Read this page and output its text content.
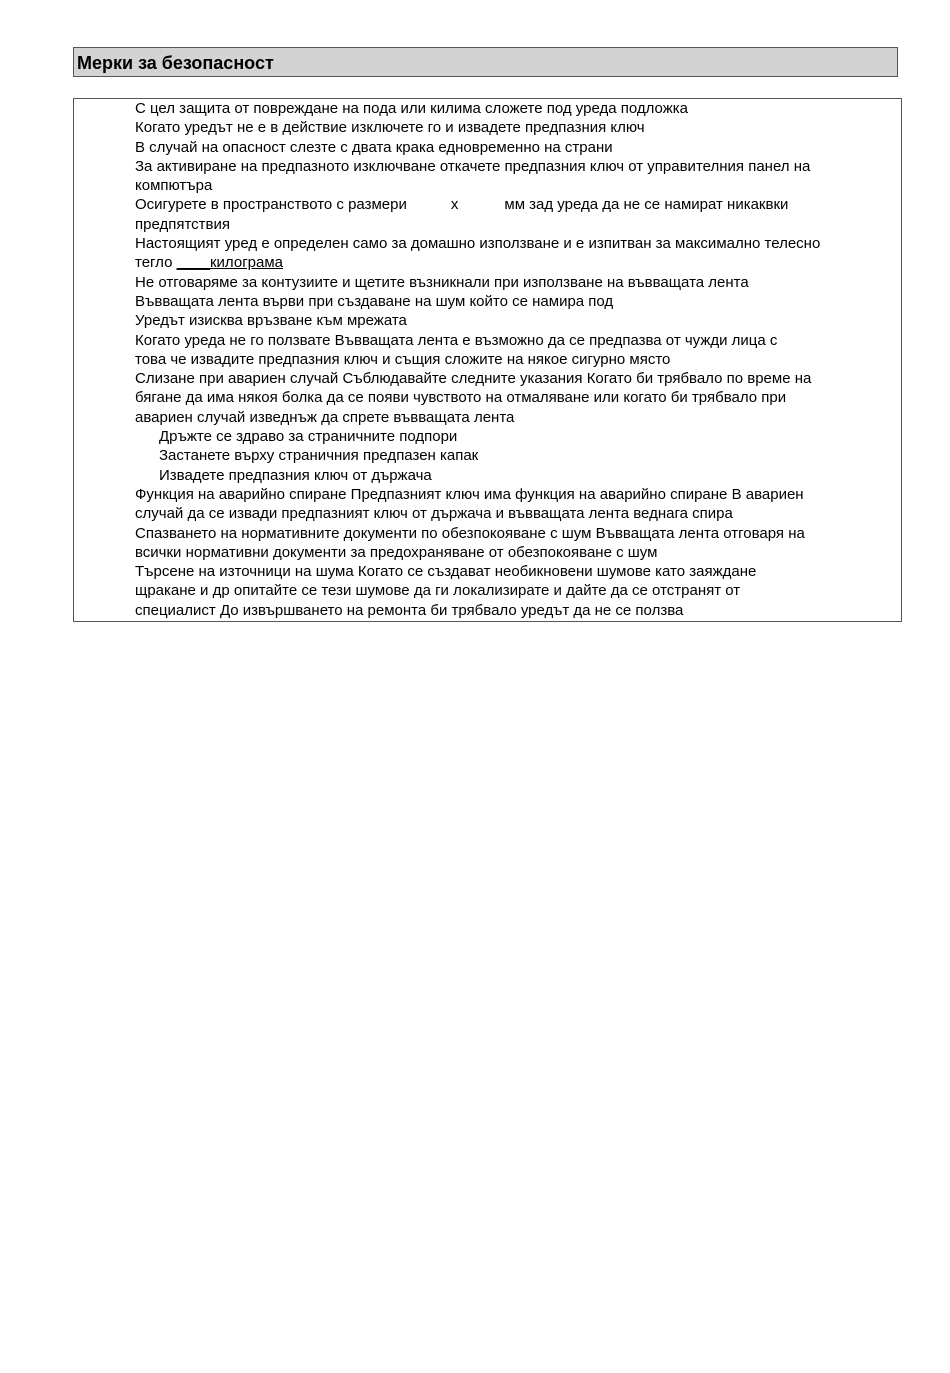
Мерки за безопасност
С цел защита от повреждане на пода или килима сложете под уреда подложка
Когато уредът не е в действие изключете го и извадете предпазния ключ
В случай на опасност слезте с двата крака едновременно на страни
За активиране на предпазното изключване откачете предпазния ключ от управителния панел на
компютъра
Осигурете в пространството с размери	x	мм зад уреда да не се намират никаквки
предпятствия
Настоящият уред е определен само за домашно използване и е изпитван за максимално телесно
тегло ____килограма
Не отговаряме за контузиите и щетите възникнали при използване на въвващата лента
Въвващата лента върви при създаване на шум който се намира под
Уредът изисква връзване към мрежата
Когато уреда не го ползвате Въвващата лента е възможно да се предпазва от чужди лица с
това че извадите предпазния ключ и същия сложите на някое сигурно място
Слизане при авариен случай Съблюдавайте следните указания Когато би трябвало по време на
бягане да има някоя болка да се появи чувството на отмаляване или когато би трябвало при
авариен случай изведнъж да спрете въвващата лента
Дръжте се здраво за страничните подпори
Застанете върху страничния предпазен капак
Извадете предпазния ключ от държача
Функция на аварийно спиране Предпазният ключ има функция на аварийно спиране В авариен
случай да се извади предпазният ключ от държача и въвващата лента веднага спира
Спазването на нормативните документи по обезпокояване с шум Въвващата лента отговаря на
всички нормативни документи за предохраняване от обезпокояване с шум
Търсене на източници на шума Когато се създават необикновени шумове като заяждане
щракане и др опитайте се тези шумове да ги локализирате и дайте да се отстранят от
специалист До извършването на ремонта би трябвало уредът да не се ползва
